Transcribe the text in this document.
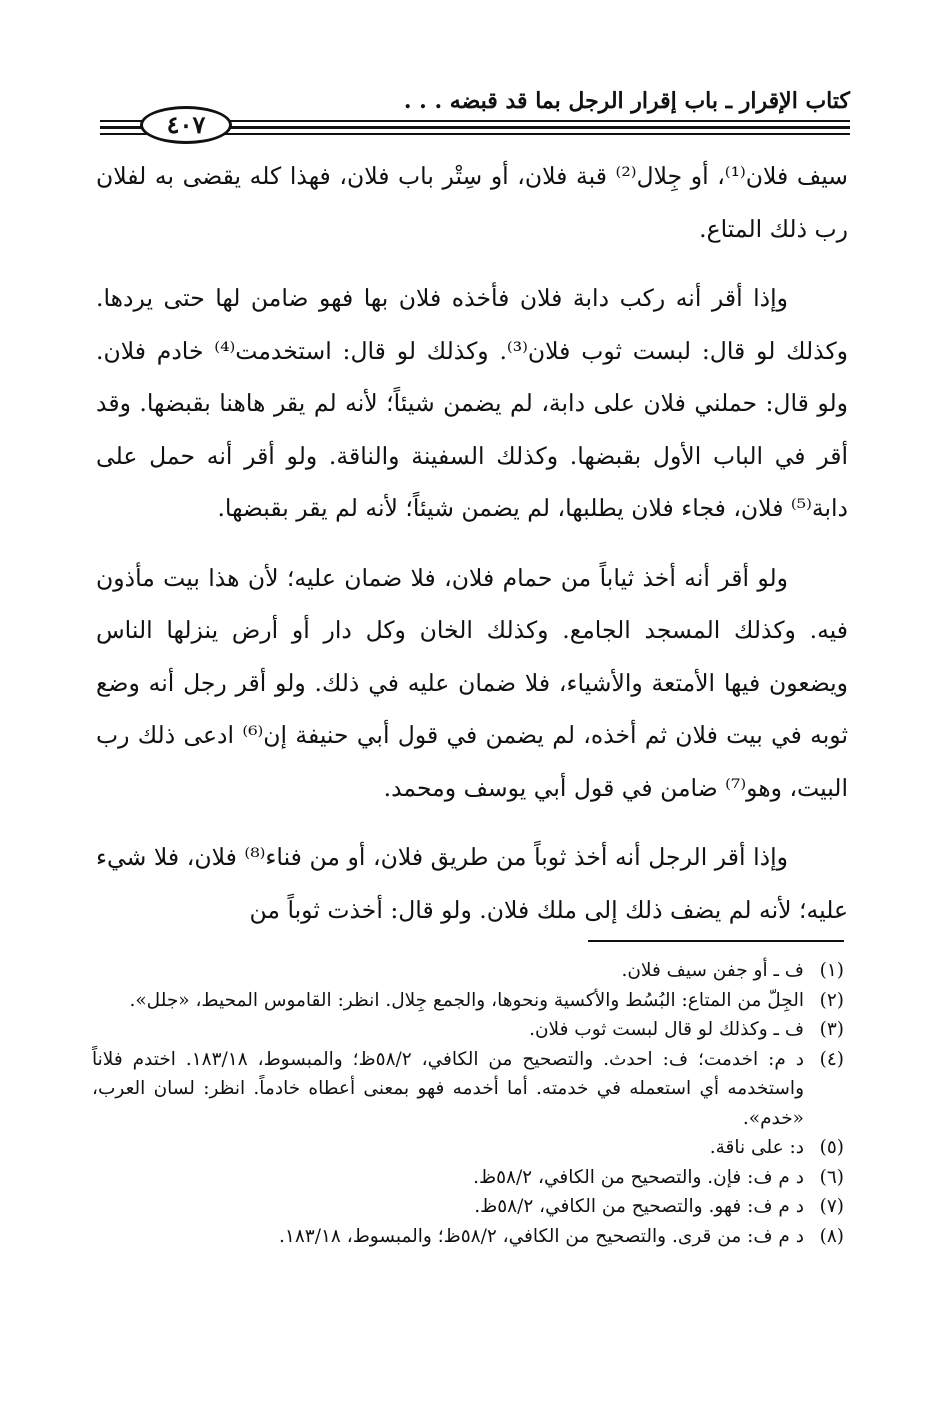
كتاب الإقرار ـ باب إقرار الرجل بما قد قبضه . . .
٤٠٧

سيف فلان⁽¹⁾، أو جِلال⁽²⁾ قبة فلان، أو سِتْر باب فلان، فهذا كله يقضى به لفلان رب ذلك المتاع.

وإذا أقر أنه ركب دابة فلان فأخذه فلان بها فهو ضامن لها حتى يردها. وكذلك لو قال: لبست ثوب فلان⁽³⁾. وكذلك لو قال: استخدمت⁽⁴⁾ خادم فلان. ولو قال: حملني فلان على دابة، لم يضمن شيئاً؛ لأنه لم يقر هاهنا بقبضها. وقد أقر في الباب الأول بقبضها. وكذلك السفينة والناقة. ولو أقر أنه حمل على دابة⁽⁵⁾ فلان، فجاء فلان يطلبها، لم يضمن شيئاً؛ لأنه لم يقر بقبضها.

ولو أقر أنه أخذ ثياباً من حمام فلان، فلا ضمان عليه؛ لأن هذا بيت مأذون فيه. وكذلك المسجد الجامع. وكذلك الخان وكل دار أو أرض ينزلها الناس ويضعون فيها الأمتعة والأشياء، فلا ضمان عليه في ذلك. ولو أقر رجل أنه وضع ثوبه في بيت فلان ثم أخذه، لم يضمن في قول أبي حنيفة إن⁽⁶⁾ ادعى ذلك رب البيت، وهو⁽⁷⁾ ضامن في قول أبي يوسف ومحمد.

وإذا أقر الرجل أنه أخذ ثوباً من طريق فلان، أو من فناء⁽⁸⁾ فلان، فلا شيء عليه؛ لأنه لم يضف ذلك إلى ملك فلان. ولو قال: أخذت ثوباً من

(١)
ف ـ أو جفن سيف فلان.
(٢)
الجِلّ من المتاع: البُسُط والأكسية ونحوها، والجمع جِلال. انظر: القاموس المحيط، «جلل».
(٣)
ف ـ وكذلك لو قال لبست ثوب فلان.
(٤)
د م: اخدمت؛ ف: احدث. والتصحيح من الكافي، ٥٨/٢ظ؛ والمبسوط، ١٨٣/١٨. اختدم فلاناً واستخدمه أي استعمله في خدمته. أما أخدمه فهو بمعنى أعطاه خادماً. انظر: لسان العرب، «خدم».
(٥)
د: على ناقة.
(٦)
د م ف: فإن. والتصحيح من الكافي، ٥٨/٢ظ.
(٧)
د م ف: فهو. والتصحيح من الكافي، ٥٨/٢ظ.
(٨)
د م ف: من قرى. والتصحيح من الكافي، ٥٨/٢ظ؛ والمبسوط، ١٨٣/١٨.
